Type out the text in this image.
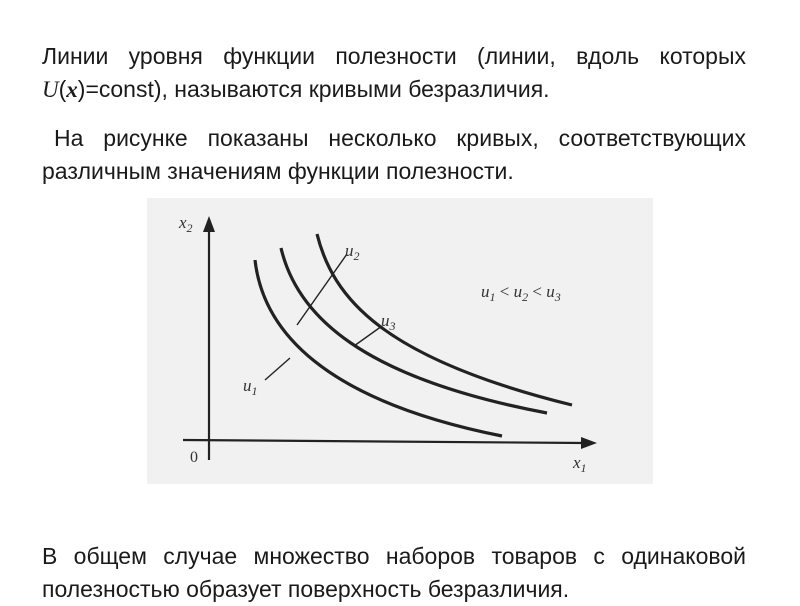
Линии уровня функции полезности (линии, вдоль которых U(x)=const), называются кривыми безразличия.

На рисунке показаны несколько кривых, соответствующих различным значениям функции полезности.

$x_2$
$x_1$
0
$u_1$
$u_2$
$u_3$
$u_1 < u_2 < u_3$

В общем случае множество наборов товаров с одинаковой полезностью образует поверхность безразличия.
